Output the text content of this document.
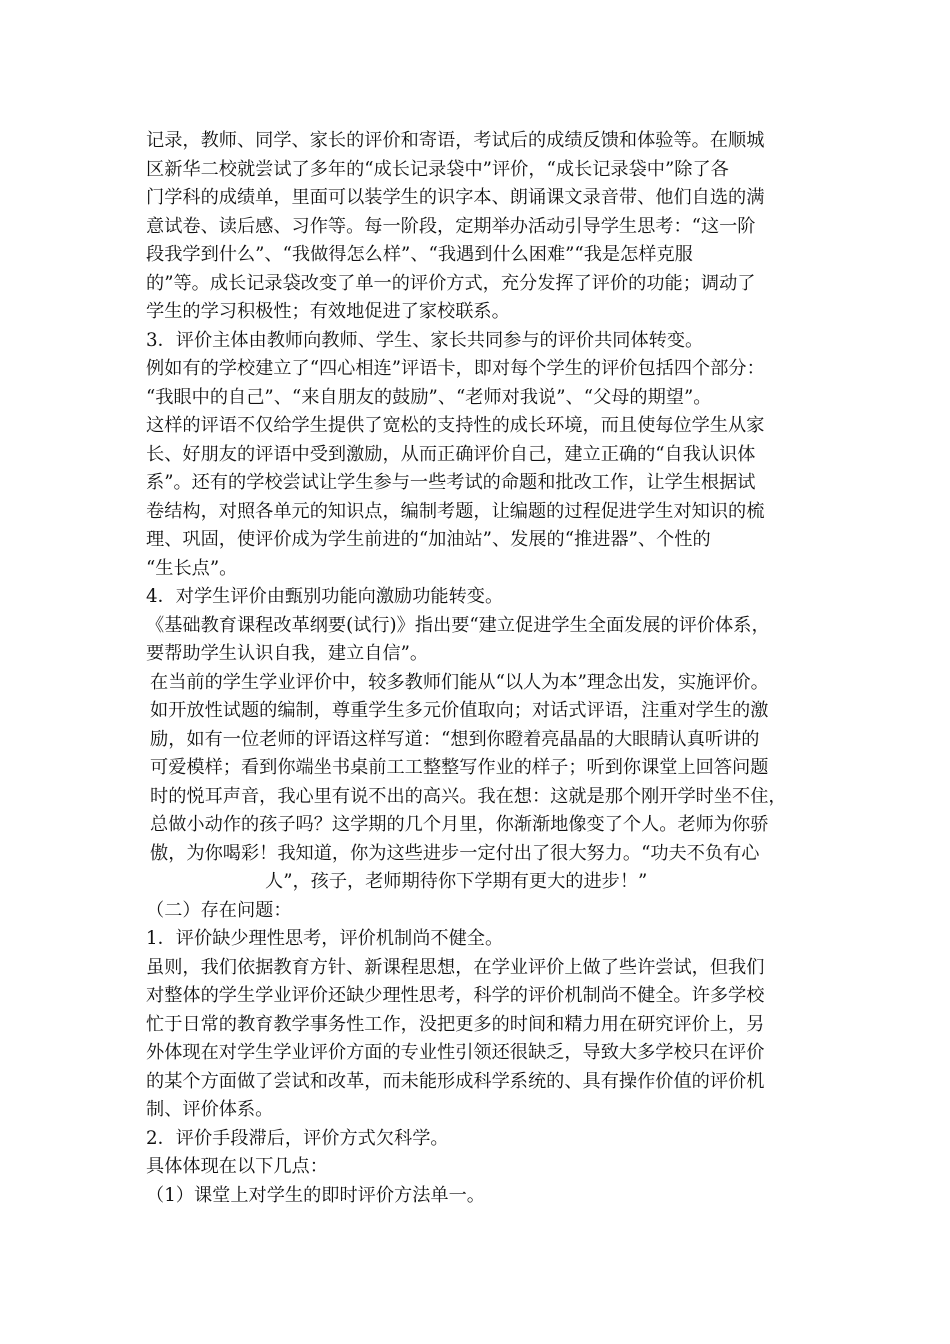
记录，教师、同学、家长的评价和寄语，考试后的成绩反馈和体验等。在顺城
区新华二校就尝试了多年的“成长记录袋中”评价，“成长记录袋中”除了各
门学科的成绩单，里面可以装学生的识字本、朗诵课文录音带、他们自选的满
意试卷、读后感、习作等。每一阶段，定期举办活动引导学生思考：“这一阶
段我学到什么”、“我做得怎么样”、“我遇到什么困难”“我是怎样克服
的”等。成长记录袋改变了单一的评价方式，充分发挥了评价的功能；调动了
学生的学习积极性；有效地促进了家校联系。
3．评价主体由教师向教师、学生、家长共同参与的评价共同体转变。
例如有的学校建立了“四心相连”评语卡，即对每个学生的评价包括四个部分：
“我眼中的自己”、“来自朋友的鼓励”、“老师对我说”、“父母的期望”。
这样的评语不仅给学生提供了宽松的支持性的成长环境，而且使每位学生从家
长、好朋友的评语中受到激励，从而正确评价自己，建立正确的“自我认识体
系”。还有的学校尝试让学生参与一些考试的命题和批改工作，让学生根据试
卷结构，对照各单元的知识点，编制考题，让编题的过程促进学生对知识的梳
理、巩固，使评价成为学生前进的“加油站”、发展的“推进器”、个性的
“生长点”。
4．对学生评价由甄别功能向激励功能转变。
《基础教育课程改革纲要(试行)》指出要“建立促进学生全面发展的评价体系，
要帮助学生认识自我，建立自信”。
在当前的学生学业评价中，较多教师们能从“以人为本”理念出发，实施评价。
如开放性试题的编制，尊重学生多元价值取向；对话式评语，注重对学生的激
励，如有一位老师的评语这样写道：“想到你瞪着亮晶晶的大眼睛认真听讲的
可爱模样；看到你端坐书桌前工工整整写作业的样子；听到你课堂上回答问题
时的悦耳声音，我心里有说不出的高兴。我在想：这就是那个刚开学时坐不住，
总做小动作的孩子吗？这学期的几个月里，你渐渐地像变了个人。老师为你骄
傲，为你喝彩！我知道，你为这些进步一定付出了很大努力。“功夫不负有心
人”，孩子，老师期待你下学期有更大的进步！”
（二）存在问题：
1．评价缺少理性思考，评价机制尚不健全。
虽则，我们依据教育方针、新课程思想，在学业评价上做了些许尝试，但我们
对整体的学生学业评价还缺少理性思考，科学的评价机制尚不健全。许多学校
忙于日常的教育教学事务性工作，没把更多的时间和精力用在研究评价上，另
外体现在对学生学业评价方面的专业性引领还很缺乏，导致大多学校只在评价
的某个方面做了尝试和改革，而未能形成科学系统的、具有操作价值的评价机
制、评价体系。
2．评价手段滞后，评价方式欠科学。
具体体现在以下几点：
（1）课堂上对学生的即时评价方法单一。
